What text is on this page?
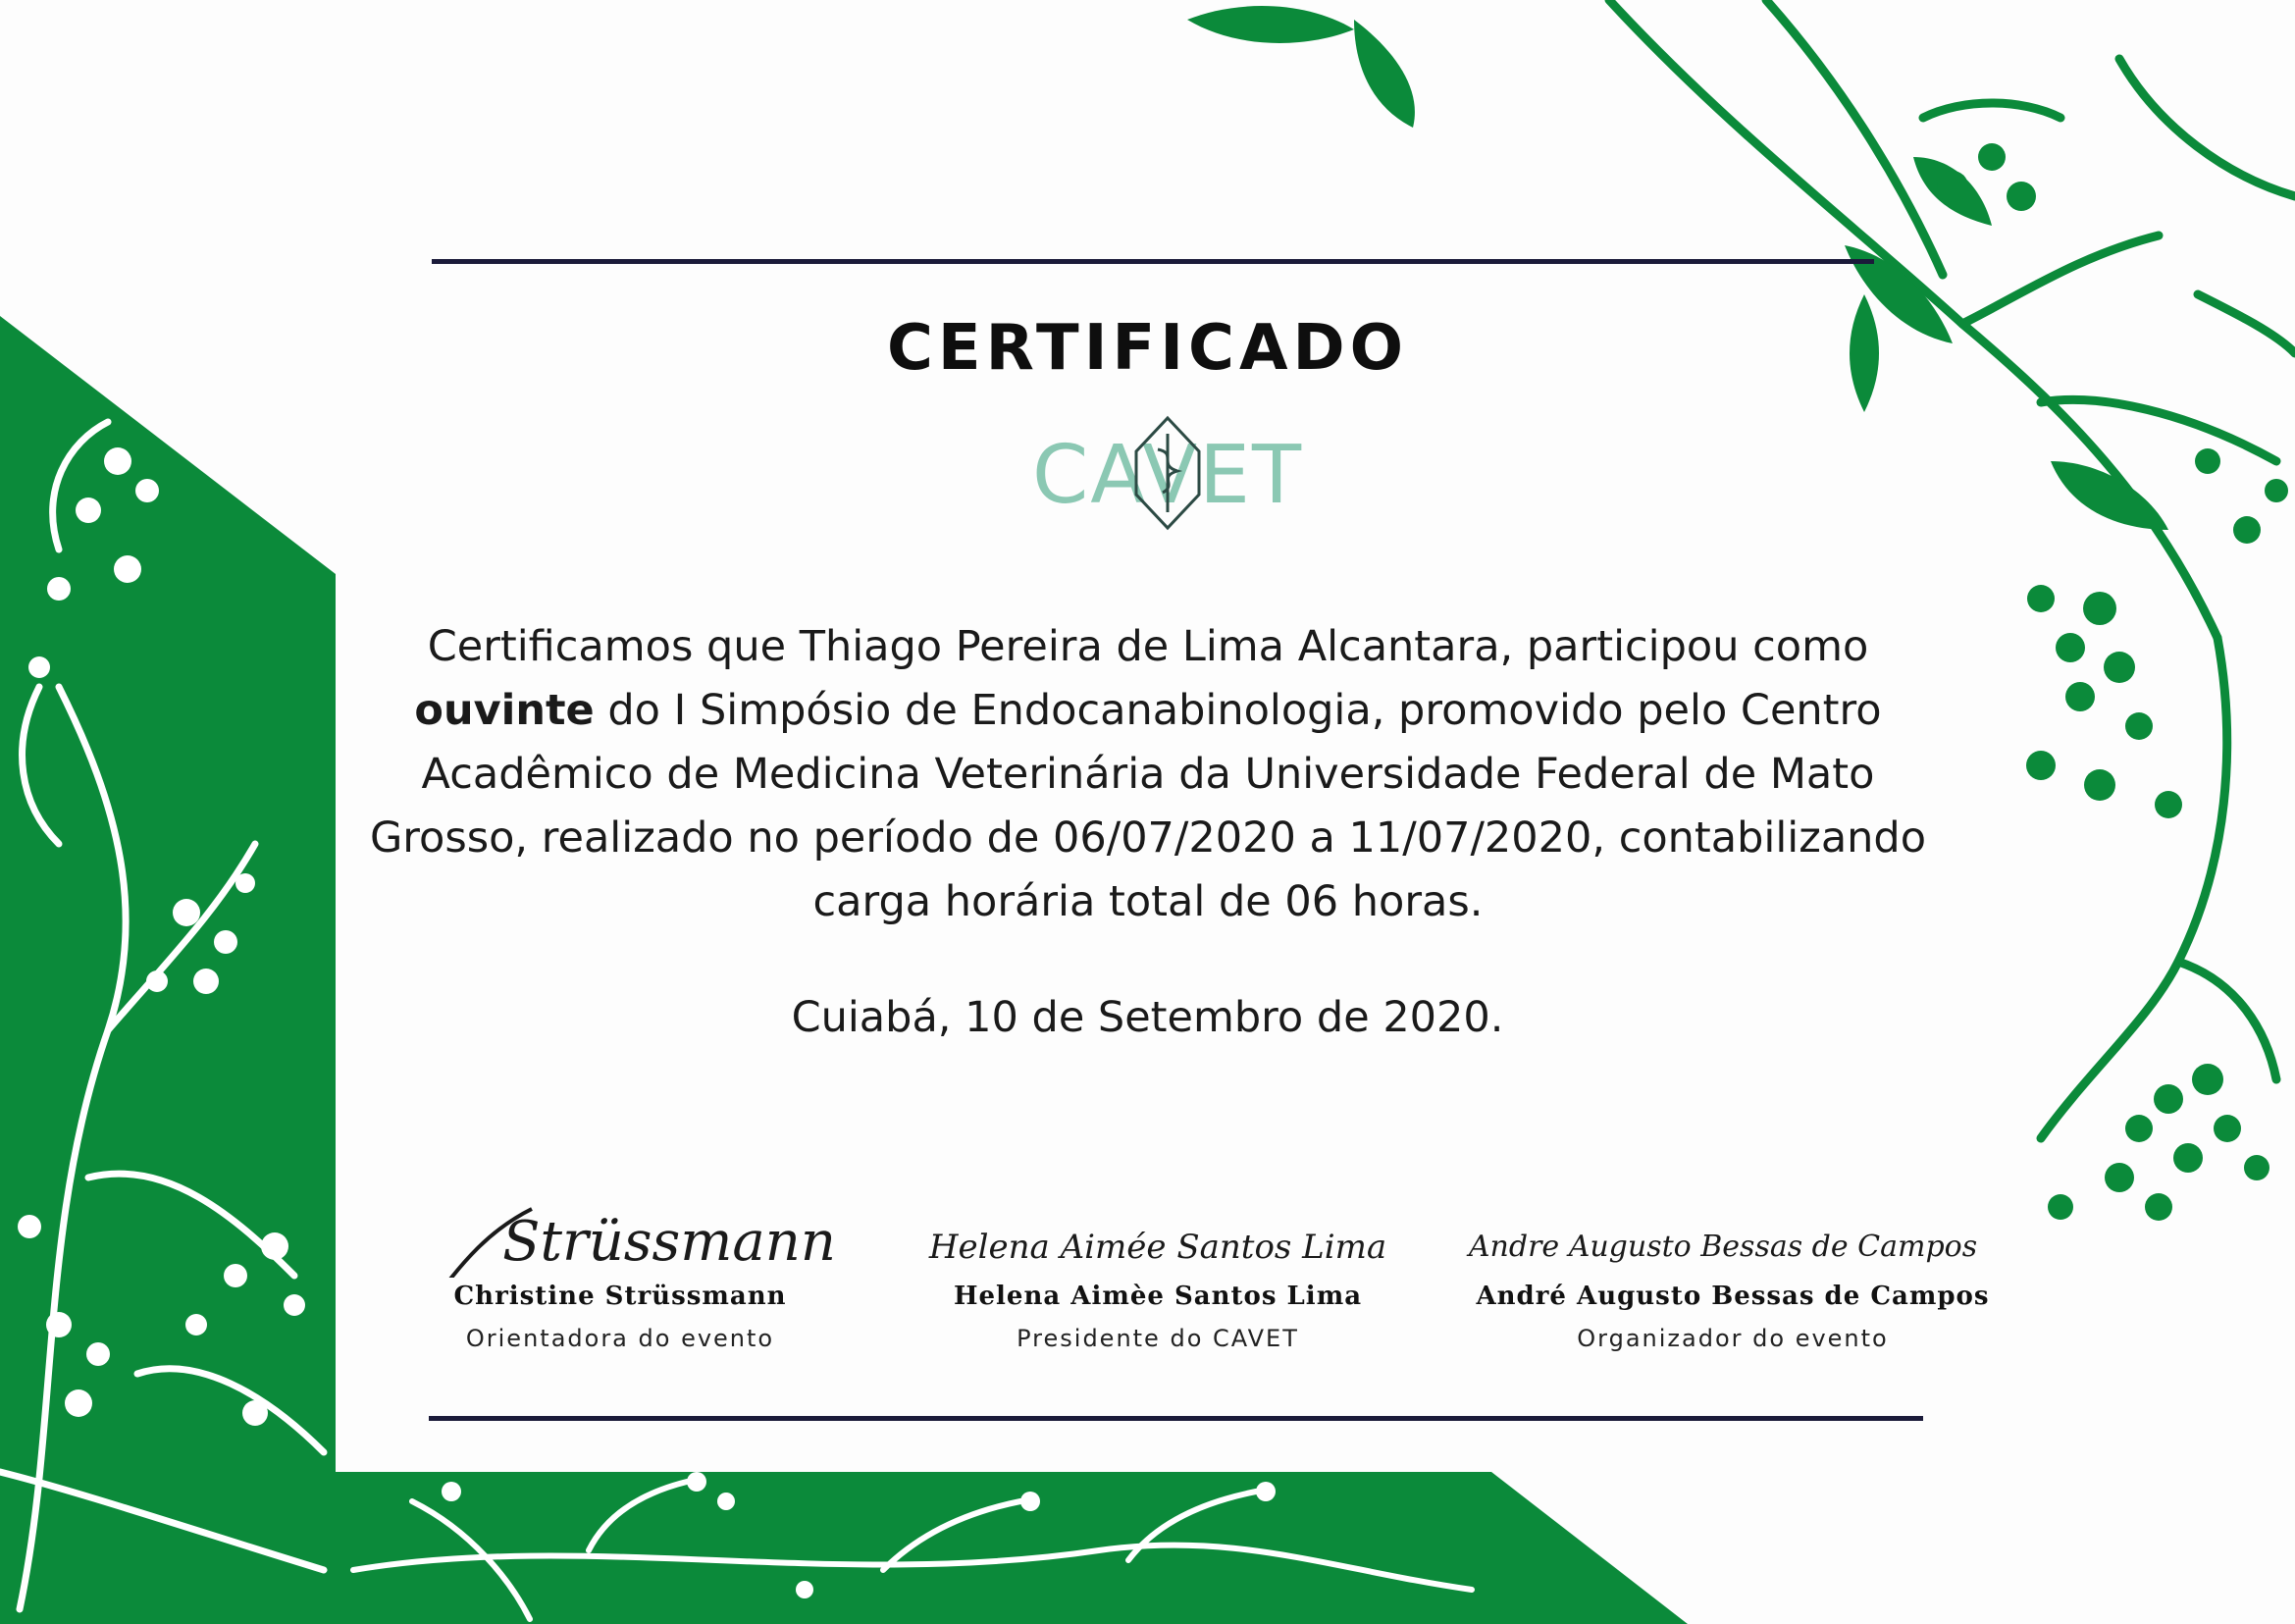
CERTIFICADO
CAVET
Certificamos que Thiago Pereira de Lima Alcantara, participou como ouvinte do I Simpósio de Endocanabinologia, promovido pelo Centro Acadêmico de Medicina Veterinária da Universidade Federal de Mato Grosso, realizado no período de 06/07/2020 a 11/07/2020, contabilizando carga horária total de 06 horas.
Cuiabá, 10 de Setembro de 2020.
Strüssmann
Christine Strüssmann
Orientadora do evento
Helena Aimée Santos Lima
Helena Aimèe Santos Lima
Presidente do CAVET
Andre Augusto Bessas de Campos
André Augusto Bessas de Campos
Organizador do evento
